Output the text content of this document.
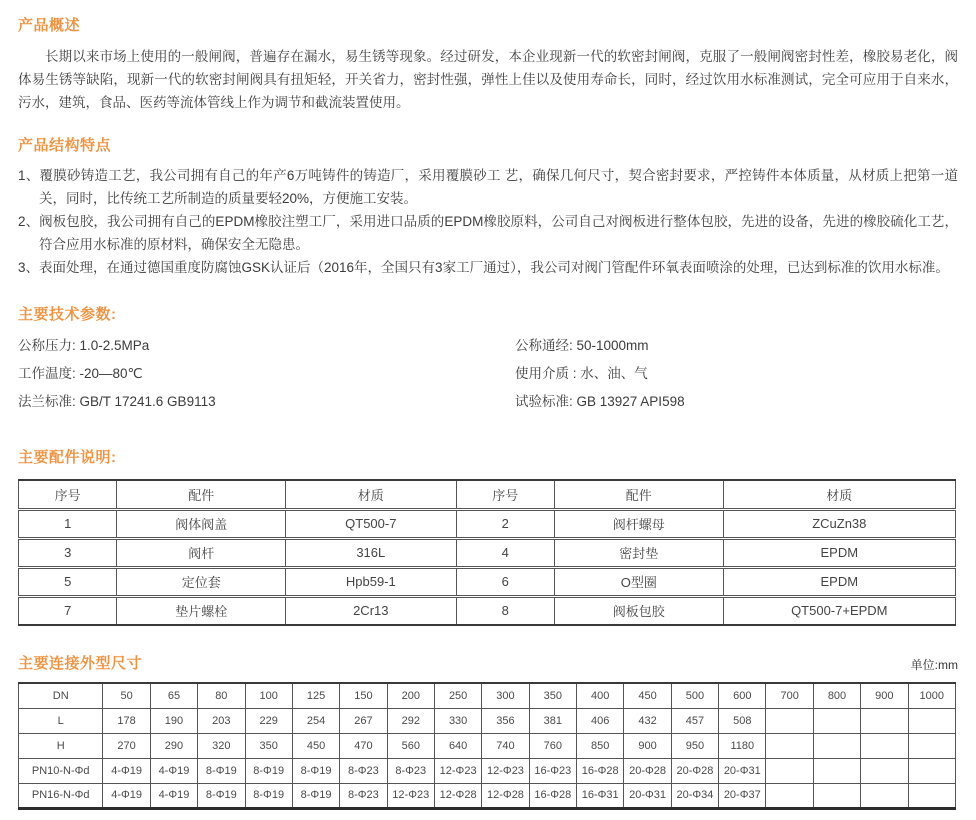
产品概述

长期以来市场上使用的一般闸阀，普遍存在漏水，易生锈等现象。经过研发，本企业现新一代的软密封闸阀，克服了一般闸阀密封性差，橡胶易老化，阀体易生锈等缺陷，现新一代的软密封闸阀具有扭矩轻，开关省力，密封性强，弹性上佳以及使用寿命长，同时，经过饮用水标准测试，完全可应用于自来水，污水，建筑，食品、医药等流体管线上作为调节和截流装置使用。

产品结构特点
1、覆膜砂铸造工艺，我公司拥有自己的年产6万吨铸件的铸造厂，采用覆膜砂工 艺，确保几何尺寸，契合密封要求，严控铸件本体质量，从材质上把第一道关，同时，比传统工艺所制造的质量要轻20%，方便施工安装。
2、阀板包胶，我公司拥有自己的EPDM橡胶注塑工厂，采用进口品质的EPDM橡胶原料，公司自己对阀板进行整体包胶，先进的设备，先进的橡胶硫化工艺，符合应用水标准的原材料，确保安全无隐患。
3、表面处理，在通过德国重度防腐蚀GSK认证后（2016年，全国只有3家工厂通过），我公司对阀门管配件环氧表面喷涂的处理，已达到标准的饮用水标准。
主要技术参数:
公称压力: 1.0-2.5MPa
工作温度: -20—80℃
法兰标准: GB/T 17241.6 GB9113
公称通经: 50-1000mm
使用介质 : 水、油、气
试验标准: GB 13927 API598
主要配件说明:
序号	配件	材质	序号	配件	材质
1	阀体阀盖	QT500-7	2	阀杆螺母	ZCuZn38
3	阀杆	316L	4	密封垫	EPDM
5	定位套	Hpb59-1	6	O型圈	EPDM
7	垫片螺栓	2Cr13	8	阀板包胶	QT500-7+EPDM
主要连接外型尺寸	单位:mm
DN	50	65	80	100	125	150	200	250	300	350	400	450	500	600	700	800	900	1000
L	178	190	203	229	254	267	292	330	356	381	406	432	457	508				
H	270	290	320	350	450	470	560	640	740	760	850	900	950	1180				
PN10-N-Φd	4-Φ19	4-Φ19	8-Φ19	8-Φ19	8-Φ19	8-Φ23	8-Φ23	12-Φ23	12-Φ23	16-Φ23	16-Φ28	20-Φ28	20-Φ28	20-Φ31				
PN16-N-Φd	4-Φ19	4-Φ19	8-Φ19	8-Φ19	8-Φ19	8-Φ23	12-Φ23	12-Φ28	12-Φ28	16-Φ28	16-Φ31	20-Φ31	20-Φ34	20-Φ37				
